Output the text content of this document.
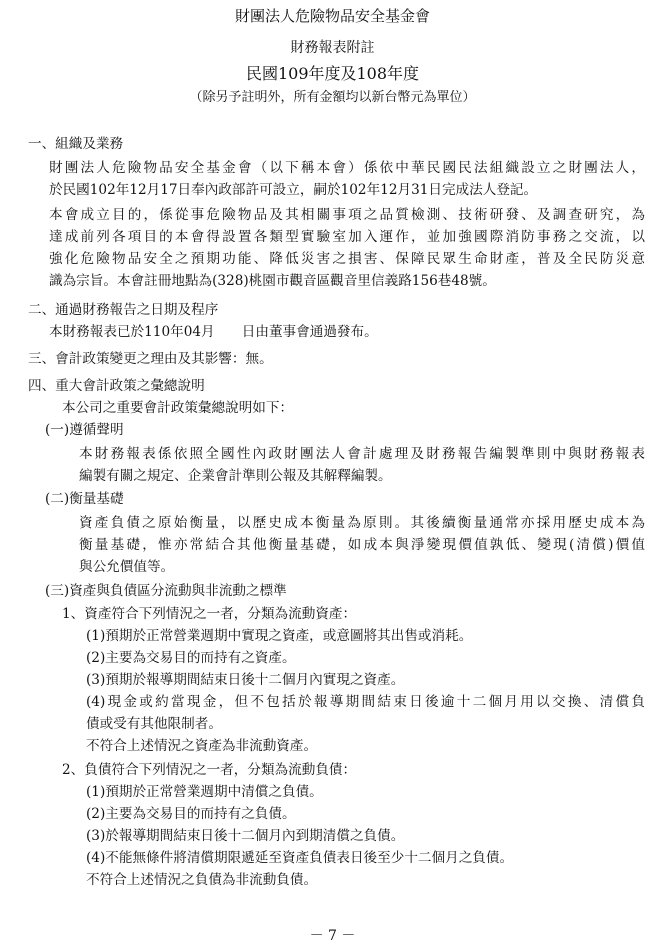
財團法人危險物品安全基金會
財務報表附註
民國109年度及108年度
（除另予註明外，所有金額均以新台幣元為單位）
一、組織及業務
財團法人危險物品安全基金會（以下稱本會）係依中華民國民法組織設立之財團法人，
於民國102年12月17日奉內政部許可設立，嗣於102年12月31日完成法人登記。
本會成立目的，係從事危險物品及其相關事項之品質檢測、技術研發、及調查研究，為
達成前列各項目的本會得設置各類型實驗室加入運作，並加強國際消防事務之交流，以
強化危險物品安全之預期功能、降低災害之損害、保障民眾生命財產，普及全民防災意
識為宗旨。本會註冊地點為(328)桃園市觀音區觀音里信義路156巷48號。
二、通過財務報告之日期及程序
本財務報表已於110年04月　　日由董事會通過發布。
三、會計政策變更之理由及其影響：無。
四、重大會計政策之彙總說明
本公司之重要會計政策彙總說明如下：
(一)遵循聲明
本財務報表係依照全國性內政財團法人會計處理及財務報告編製準則中與財務報表
編製有關之規定、企業會計準則公報及其解釋編製。
(二)衡量基礎
資產負債之原始衡量，以歷史成本衡量為原則。其後續衡量通常亦採用歷史成本為
衡量基礎，惟亦常結合其他衡量基礎，如成本與淨變現價值孰低、變現(清償)價值
與公允價值等。
(三)資產與負債區分流動與非流動之標準
1、資產符合下列情況之一者，分類為流動資產：
(1)預期於正常營業週期中實現之資產，或意圖將其出售或消耗。
(2)主要為交易目的而持有之資產。
(3)預期於報導期間結束日後十二個月內實現之資產。
(4)現金或約當現金，但不包括於報導期間結束日後逾十二個月用以交換、清償負
債或受有其他限制者。
不符合上述情況之資產為非流動資產。
2、負債符合下列情況之一者，分類為流動負債：
(1)預期於正常營業週期中清償之負債。
(2)主要為交易目的而持有之負債。
(3)於報導期間結束日後十二個月內到期清償之負債。
(4)不能無條件將清償期限遞延至資產負債表日後至少十二個月之負債。
不符合上述情況之負債為非流動負債。
－ 7 －
